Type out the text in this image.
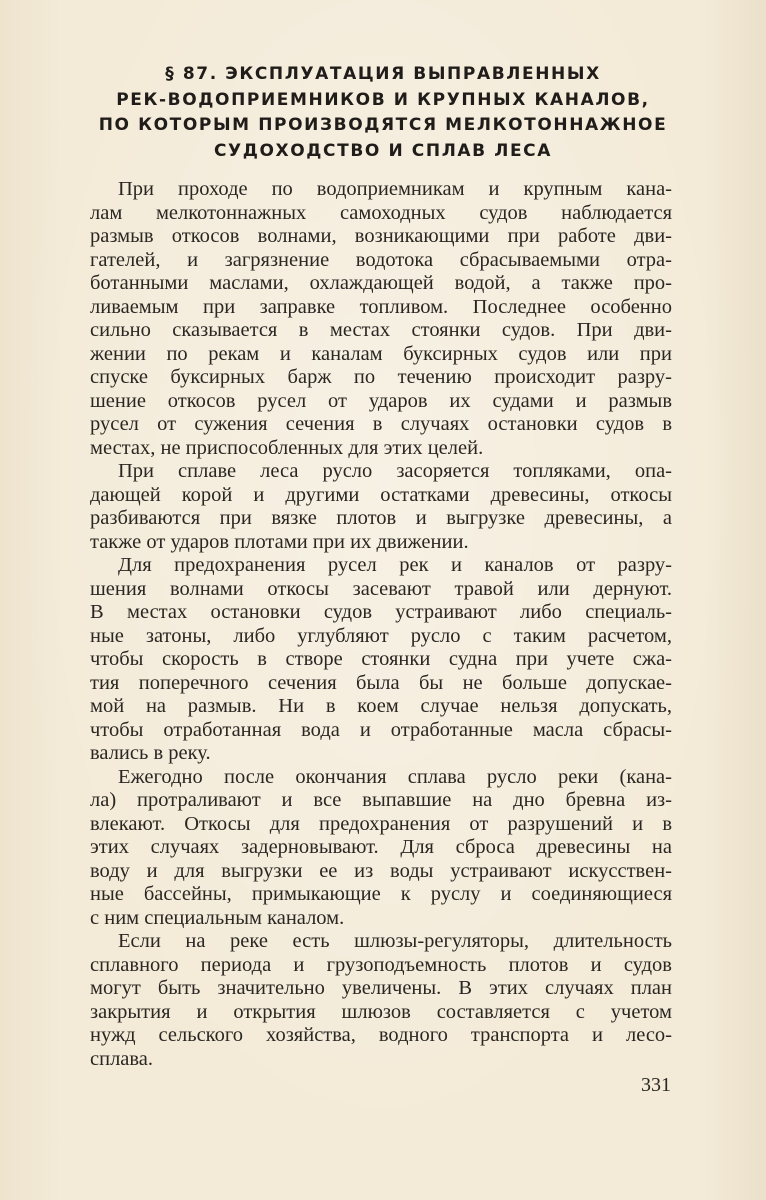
§ 87. ЭКСПЛУАТАЦИЯ ВЫПРАВЛЕННЫХ
РЕК-ВОДОПРИЕМНИКОВ И КРУПНЫХ КАНАЛОВ,
ПО КОТОРЫМ ПРОИЗВОДЯТСЯ МЕЛКОТОННАЖНОЕ
СУДОХОДСТВО И СПЛАВ ЛЕСА

При проходе по водоприемникам и крупным кана-
лам мелкотоннажных самоходных судов наблюдается
размыв откосов волнами, возникающими при работе дви-
гателей, и загрязнение водотока сбрасываемыми отра-
ботанными маслами, охлаждающей водой, а также про-
ливаемым при заправке топливом. Последнее особенно
сильно сказывается в местах стоянки судов. При дви-
жении по рекам и каналам буксирных судов или при
спуске буксирных барж по течению происходит разру-
шение откосов русел от ударов их судами и размыв
русел от сужения сечения в случаях остановки судов в
местах, не приспособленных для этих целей.

При сплаве леса русло засоряется топляками, опа-
дающей корой и другими остатками древесины, откосы
разбиваются при вязке плотов и выгрузке древесины, а
также от ударов плотами при их движении.

Для предохранения русел рек и каналов от разру-
шения волнами откосы засевают травой или дернуют.
В местах остановки судов устраивают либо специаль-
ные затоны, либо углубляют русло с таким расчетом,
чтобы скорость в створе стоянки судна при учете сжа-
тия поперечного сечения была бы не больше допускае-
мой на размыв. Ни в коем случае нельзя допускать,
чтобы отработанная вода и отработанные масла сбрасы-
вались в реку.

Ежегодно после окончания сплава русло реки (кана-
ла) протраливают и все выпавшие на дно бревна из-
влекают. Откосы для предохранения от разрушений и в
этих случаях задерновывают. Для сброса древесины на
воду и для выгрузки ее из воды устраивают искусствен-
ные бассейны, примыкающие к руслу и соединяющиеся
с ним специальным каналом.

Если на реке есть шлюзы-регуляторы, длительность
сплавного периода и грузоподъемность плотов и судов
могут быть значительно увеличены. В этих случаях план
закрытия и открытия шлюзов составляется с учетом
нужд сельского хозяйства, водного транспорта и лесо-
сплава.

331
